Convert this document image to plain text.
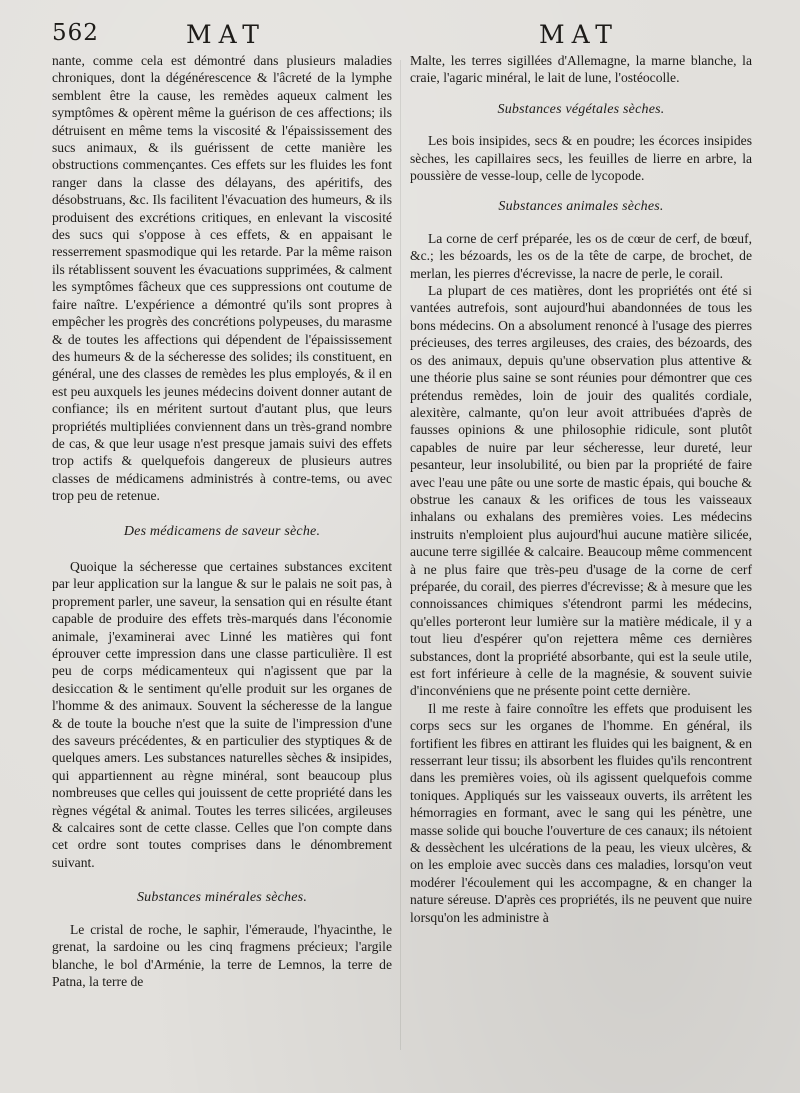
562	MAT	MAT

nante, comme cela est démontré dans plusieurs maladies chroniques, dont la dégénérescence & l'âcreté de la lymphe semblent être la cause, les remèdes aqueux calment les symptômes & opèrent même la guérison de ces affections; ils détruisent en même tems la viscosité & l'épaississement des sucs animaux, & ils guérissent de cette manière les obstructions commençantes. Ces effets sur les fluides les font ranger dans la classe des délayans, des apéritifs, des désobstruans, &c. Ils facilitent l'évacuation des humeurs, & ils produisent des excrétions critiques, en enlevant la viscosité des sucs qui s'oppose à ces effets, & en appaisant le resserrement spasmodique qui les retarde. Par la même raison ils rétablissent souvent les évacuations supprimées, & calment les symptômes fâcheux que ces suppressions ont coutume de faire naître. L'expérience a démontré qu'ils sont propres à empêcher les progrès des concrétions polypeuses, du marasme & de toutes les affections qui dépendent de l'épaississement des humeurs & de la sécheresse des solides; ils constituent, en général, une des classes de remèdes les plus employés, & il en est peu auxquels les jeunes médecins doivent donner autant de confiance; ils en méritent surtout d'autant plus, que leurs propriétés multipliées conviennent dans un très-grand nombre de cas, & que leur usage n'est presque jamais suivi des effets trop actifs & quelquefois dangereux de plusieurs autres classes de médicamens administrés à contre-tems, ou avec trop peu de retenue.

Des médicamens de saveur sèche.

Quoique la sécheresse que certaines substances excitent par leur application sur la langue & sur le palais ne soit pas, à proprement parler, une saveur, la sensation qui en résulte étant capable de produire des effets très-marqués dans l'économie animale, j'examinerai avec Linné les matières qui font éprouver cette impression dans une classe particulière. Il est peu de corps médicamenteux qui n'agissent que par la desiccation & le sentiment qu'elle produit sur les organes de l'homme & des animaux. Souvent la sécheresse de la langue & de toute la bouche n'est que la suite de l'impression d'une des saveurs précédentes, & en particulier des styptiques & de quelques amers. Les substances naturelles sèches & insipides, qui appartiennent au règne minéral, sont beaucoup plus nombreuses que celles qui jouissent de cette propriété dans les règnes végétal & animal. Toutes les terres silicées, argileuses & calcaires sont de cette classe. Celles que l'on compte dans cet ordre sont toutes comprises dans le dénombrement suivant.

Substances minérales sèches.

Le cristal de roche, le saphir, l'émeraude, l'hyacinthe, le grenat, la sardoine ou les cinq fragmens précieux; l'argile blanche, le bol d'Arménie, la terre de Lemnos, la terre de Patna, la terre de

Malte, les terres sigillées d'Allemagne, la marne blanche, la craie, l'agaric minéral, le lait de lune, l'ostéocolle.

Substances végétales sèches.

Les bois insipides, secs & en poudre; les écorces insipides sèches, les capillaires secs, les feuilles de lierre en arbre, la poussière de vesse-loup, celle de lycopode.

Substances animales sèches.

La corne de cerf préparée, les os de cœur de cerf, de bœuf, &c.; les bézoards, les os de la tête de carpe, de brochet, de merlan, les pierres d'écrevisse, la nacre de perle, le corail.

La plupart de ces matières, dont les propriétés ont été si vantées autrefois, sont aujourd'hui abandonnées de tous les bons médecins. On a absolument renoncé à l'usage des pierres précieuses, des terres argileuses, des craies, des bézoards, des os des animaux, depuis qu'une observation plus attentive & une théorie plus saine se sont réunies pour démontrer que ces prétendus remèdes, loin de jouir des qualités cordiale, alexitère, calmante, qu'on leur avoit attribuées d'après de fausses opinions & une philosophie ridicule, sont plutôt capables de nuire par leur sécheresse, leur dureté, leur pesanteur, leur insolubilité, ou bien par la propriété de faire avec l'eau une pâte ou une sorte de mastic épais, qui bouche & obstrue les canaux & les orifices de tous les vaisseaux inhalans ou exhalans des premières voies. Les médecins instruits n'emploient plus aujourd'hui aucune matière silicée, aucune terre sigillée & calcaire. Beaucoup même commencent à ne plus faire que très-peu d'usage de la corne de cerf préparée, du corail, des pierres d'écrevisse; & à mesure que les connoissances chimiques s'étendront parmi les médecins, qu'elles porteront leur lumière sur la matière médicale, il y a tout lieu d'espérer qu'on rejettera même ces dernières substances, dont la propriété absorbante, qui est la seule utile, est fort inférieure à celle de la magnésie, & souvent suivie d'inconvéniens que ne présente point cette dernière.

Il me reste à faire connoître les effets que produisent les corps secs sur les organes de l'homme. En général, ils fortifient les fibres en attirant les fluides qui les baignent, & en resserrant leur tissu; ils absorbent les fluides qu'ils rencontrent dans les premières voies, où ils agissent quelquefois comme toniques. Appliqués sur les vaisseaux ouverts, ils arrêtent les hémorragies en formant, avec le sang qui les pénètre, une masse solide qui bouche l'ouverture de ces canaux; ils nétoient & dessèchent les ulcérations de la peau, les vieux ulcères, & on les emploie avec succès dans ces maladies, lorsqu'on veut modérer l'écoulement qui les accompagne, & en changer la nature séreuse. D'après ces propriétés, ils ne peuvent que nuire lorsqu'on les administre à
